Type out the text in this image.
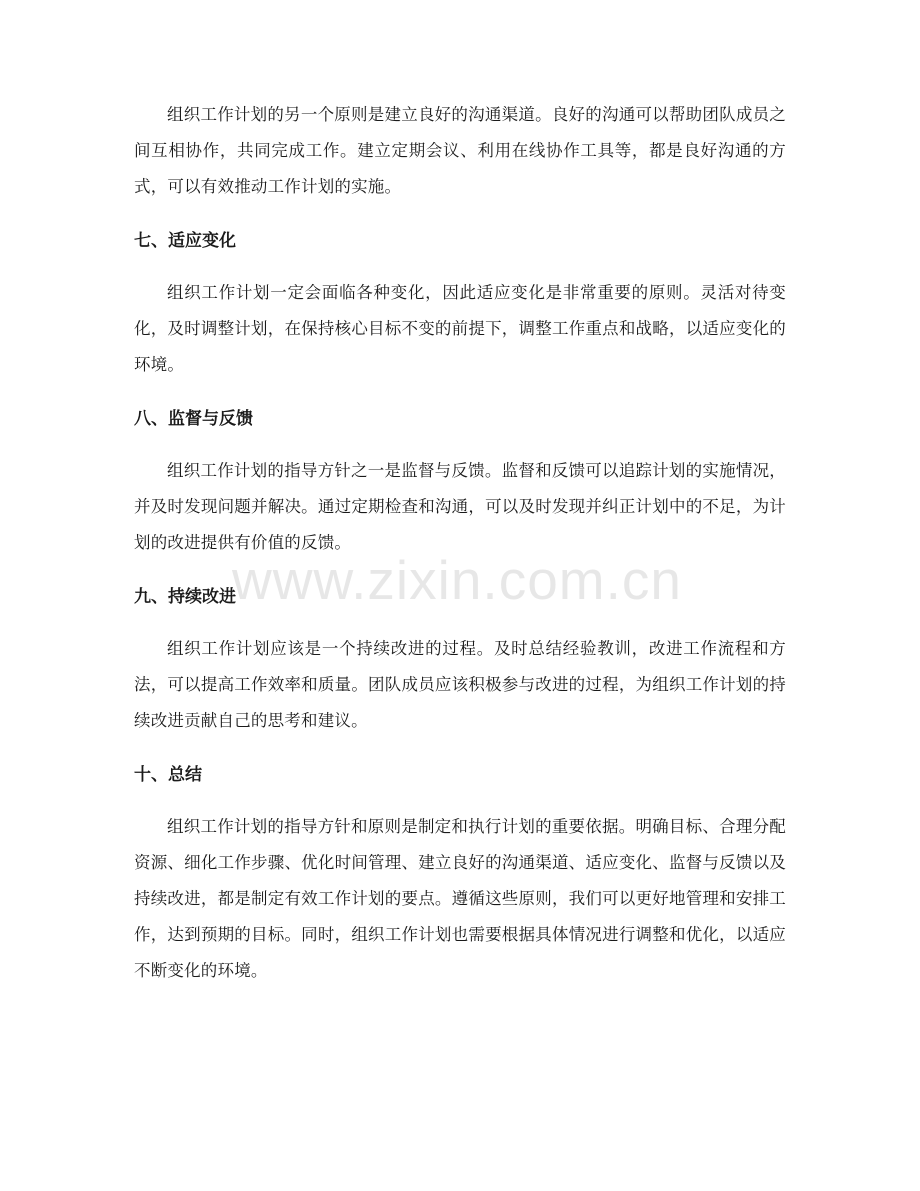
组织工作计划的另一个原则是建立良好的沟通渠道。良好的沟通可以帮助团队成员之间互相协作，共同完成工作。建立定期会议、利用在线协作工具等，都是良好沟通的方式，可以有效推动工作计划的实施。

七、适应变化

组织工作计划一定会面临各种变化，因此适应变化是非常重要的原则。灵活对待变化，及时调整计划，在保持核心目标不变的前提下，调整工作重点和战略，以适应变化的环境。

八、监督与反馈

组织工作计划的指导方针之一是监督与反馈。监督和反馈可以追踪计划的实施情况，并及时发现问题并解决。通过定期检查和沟通，可以及时发现并纠正计划中的不足，为计划的改进提供有价值的反馈。

九、持续改进

组织工作计划应该是一个持续改进的过程。及时总结经验教训，改进工作流程和方法，可以提高工作效率和质量。团队成员应该积极参与改进的过程，为组织工作计划的持续改进贡献自己的思考和建议。

十、总结

组织工作计划的指导方针和原则是制定和执行计划的重要依据。明确目标、合理分配资源、细化工作步骤、优化时间管理、建立良好的沟通渠道、适应变化、监督与反馈以及持续改进，都是制定有效工作计划的要点。遵循这些原则，我们可以更好地管理和安排工作，达到预期的目标。同时，组织工作计划也需要根据具体情况进行调整和优化，以适应不断变化的环境。

www.zixin.com.cn
